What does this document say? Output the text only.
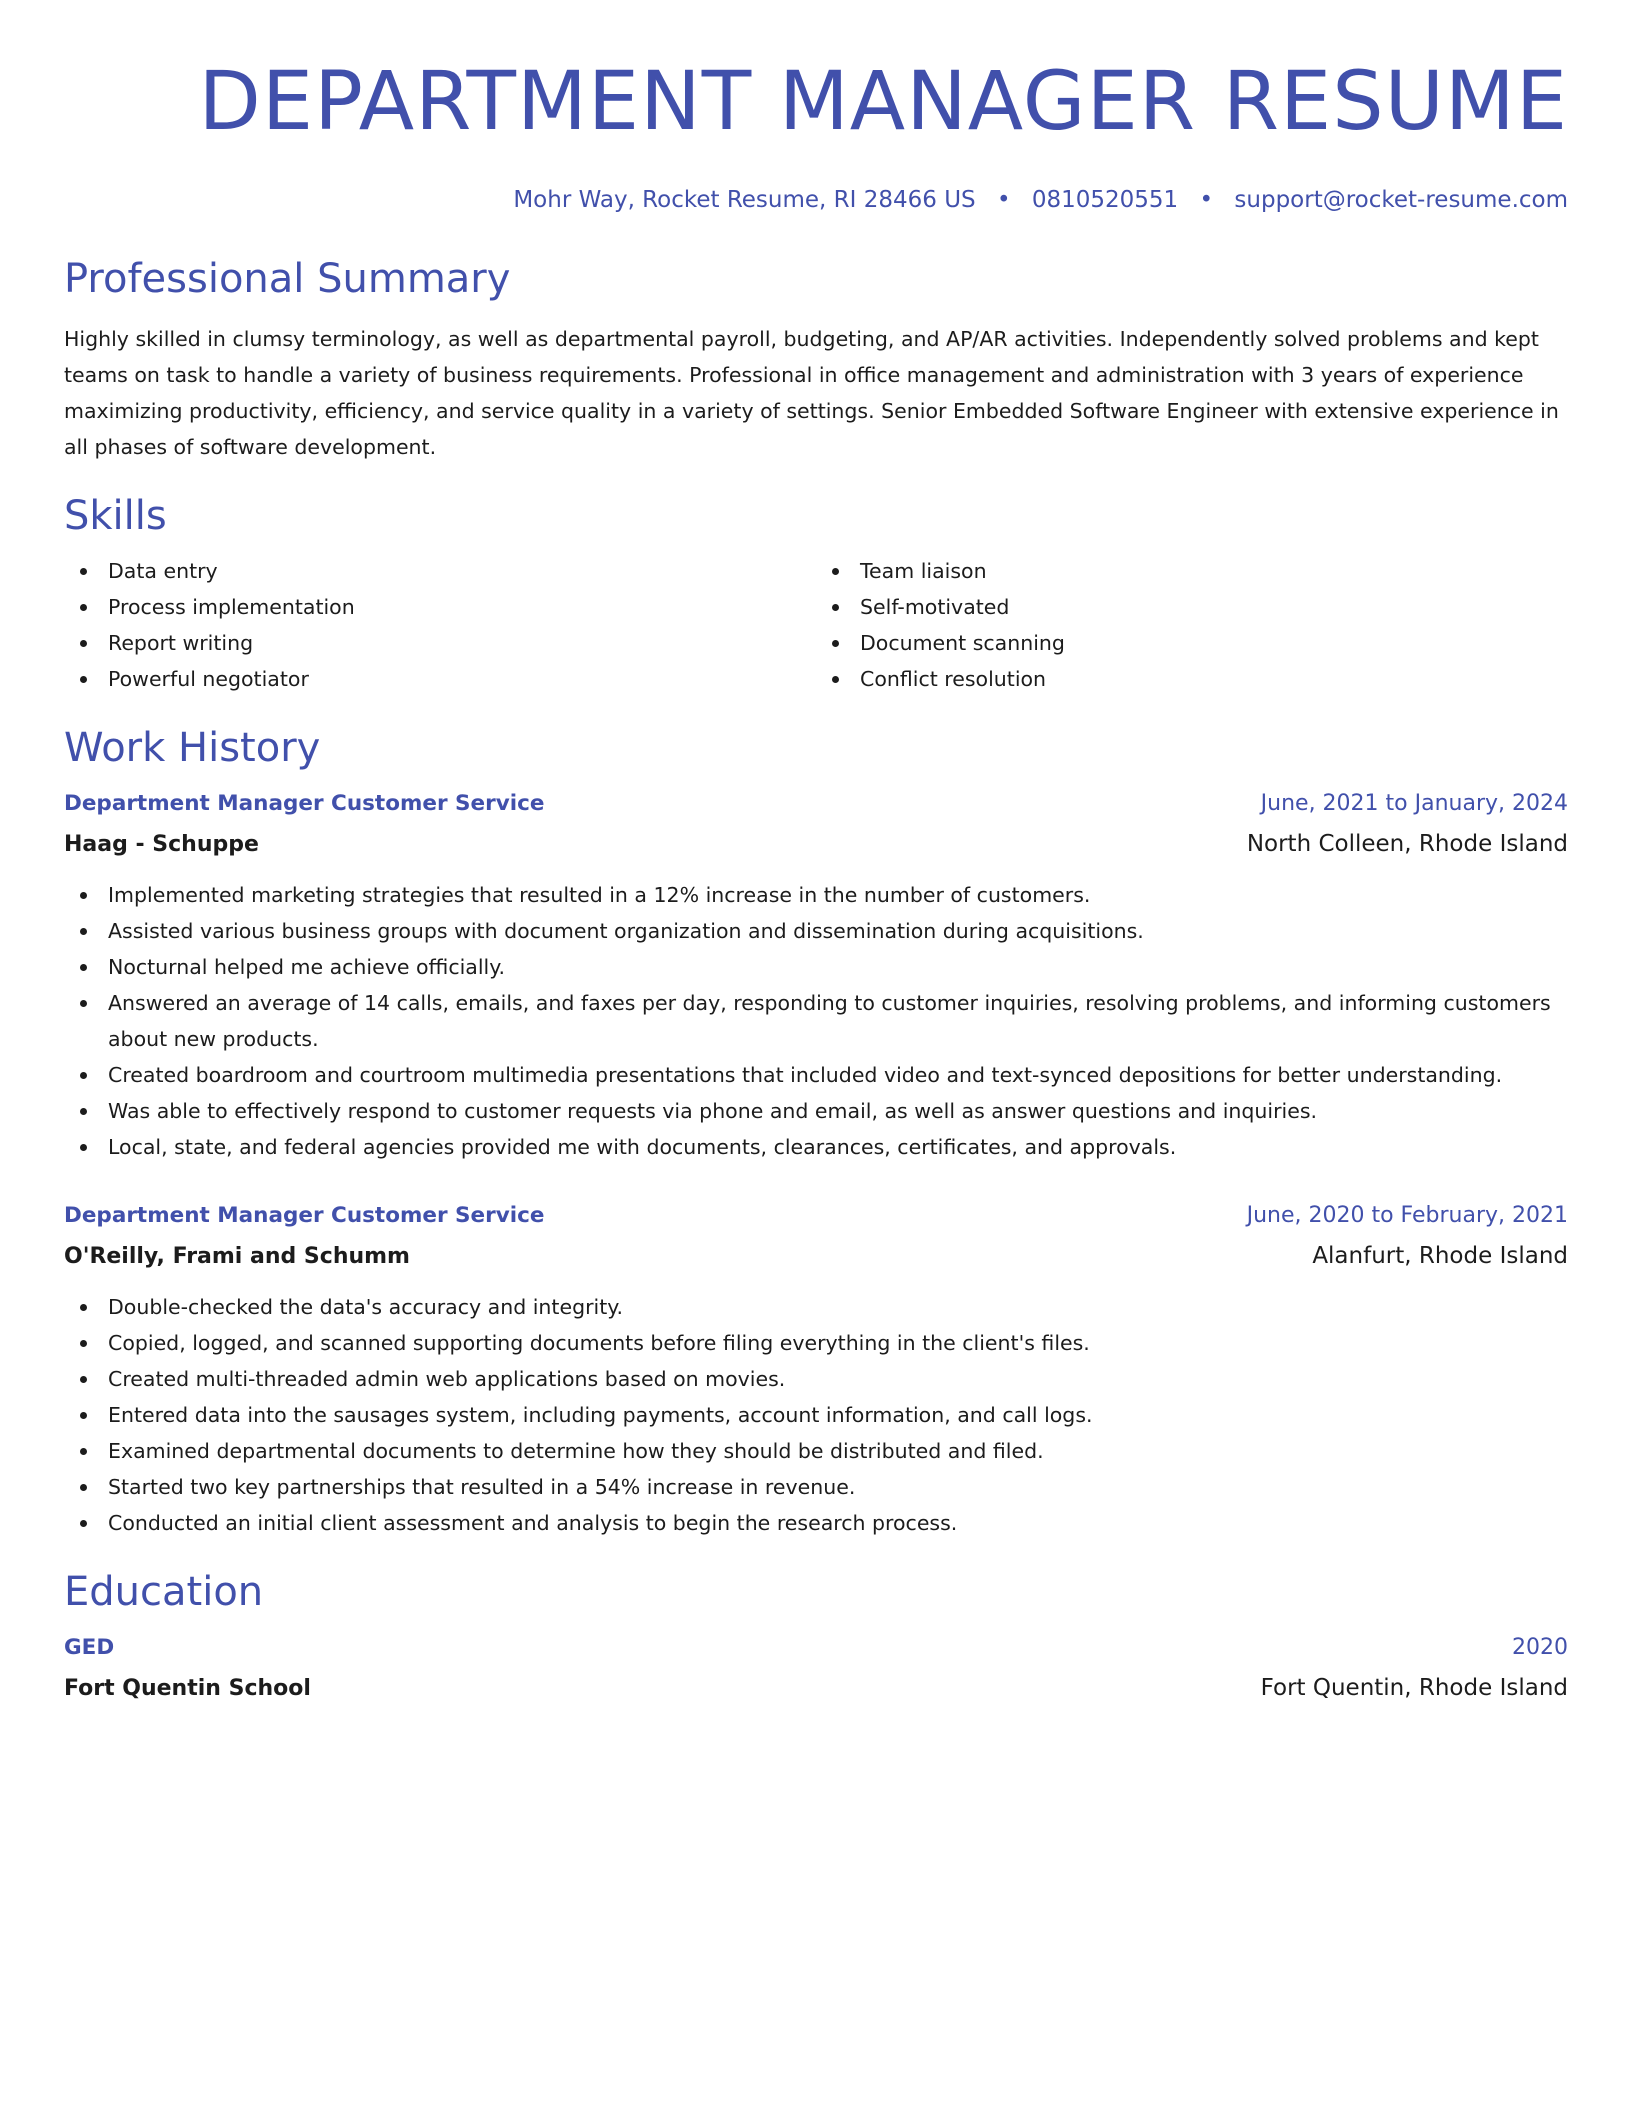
DEPARTMENT MANAGER RESUME
Mohr Way, Rocket Resume, RI 28466 US • 0810520551 • support@rocket-resume.com
Professional Summary
Highly skilled in clumsy terminology, as well as departmental payroll, budgeting, and AP/AR activities. Independently solved problems and kept teams on task to handle a variety of business requirements. Professional in office management and administration with 3 years of experience maximizing productivity, efficiency, and service quality in a variety of settings. Senior Embedded Software Engineer with extensive experience in all phases of software development.
Skills
Data entry
Process implementation
Report writing
Powerful negotiator
Team liaison
Self-motivated
Document scanning
Conflict resolution
Work History
Department Manager Customer Service	June, 2021 to January, 2024
Haag - Schuppe	North Colleen, Rhode Island
Implemented marketing strategies that resulted in a 12% increase in the number of customers.
Assisted various business groups with document organization and dissemination during acquisitions.
Nocturnal helped me achieve officially.
Answered an average of 14 calls, emails, and faxes per day, responding to customer inquiries, resolving problems, and informing customers about new products.
Created boardroom and courtroom multimedia presentations that included video and text-synced depositions for better understanding.
Was able to effectively respond to customer requests via phone and email, as well as answer questions and inquiries.
Local, state, and federal agencies provided me with documents, clearances, certificates, and approvals.
Department Manager Customer Service	June, 2020 to February, 2021
O'Reilly, Frami and Schumm	Alanfurt, Rhode Island
Double-checked the data's accuracy and integrity.
Copied, logged, and scanned supporting documents before filing everything in the client's files.
Created multi-threaded admin web applications based on movies.
Entered data into the sausages system, including payments, account information, and call logs.
Examined departmental documents to determine how they should be distributed and filed.
Started two key partnerships that resulted in a 54% increase in revenue.
Conducted an initial client assessment and analysis to begin the research process.
Education
GED	2020
Fort Quentin School	Fort Quentin, Rhode Island
